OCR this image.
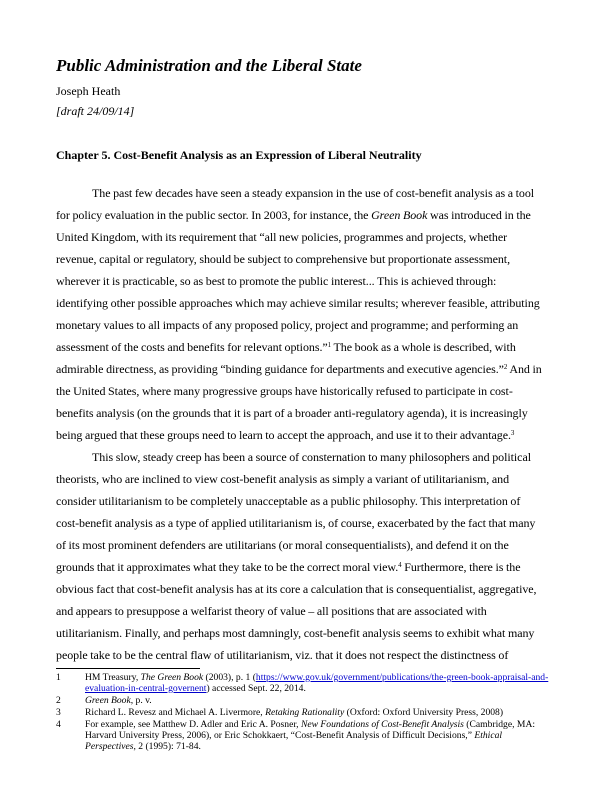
Public Administration and the Liberal State
Joseph Heath
[draft 24/09/14]
Chapter 5. Cost-Benefit Analysis as an Expression of Liberal Neutrality
The past few decades have seen a steady expansion in the use of cost-benefit analysis as a tool
for policy evaluation in the public sector. In 2003, for instance, the Green Book was introduced in the
United Kingdom, with its requirement that “all new policies, programmes and projects, whether
revenue, capital or regulatory, should be subject to comprehensive but proportionate assessment,
wherever it is practicable, so as best to promote the public interest... This is achieved through:
identifying other possible approaches which may achieve similar results; wherever feasible, attributing
monetary values to all impacts of any proposed policy, project and programme; and performing an
assessment of the costs and benefits for relevant options.”$^1$ The book as a whole is described, with
admirable directness, as providing “binding guidance for departments and executive agencies.”$^2$ And in
the United States, where many progressive groups have historically refused to participate in cost-
benefits analysis (on the grounds that it is part of a broader anti-regulatory agenda), it is increasingly
being argued that these groups need to learn to accept the approach, and use it to their advantage.$^3$
This slow, steady creep has been a source of consternation to many philosophers and political
theorists, who are inclined to view cost-benefit analysis as simply a variant of utilitarianism, and
consider utilitarianism to be completely unacceptable as a public philosophy. This interpretation of
cost-benefit analysis as a type of applied utilitarianism is, of course, exacerbated by the fact that many
of its most prominent defenders are utilitarians (or moral consequentialists), and defend it on the
grounds that it approximates what they take to be the correct moral view.$^4$ Furthermore, there is the
obvious fact that cost-benefit analysis has at its core a calculation that is consequentialist, aggregative,
and appears to presuppose a welfarist theory of value – all positions that are associated with
utilitarianism. Finally, and perhaps most damningly, cost-benefit analysis seems to exhibit what many
people take to be the central flaw of utilitarianism, viz. that it does not respect the distinctness of
1	HM Treasury, The Green Book (2003), p. 1 (https://www.gov.uk/government/publications/the-green-book-appraisal-and-
evaluation-in-central-governent) accessed Sept. 22, 2014.
2	Green Book, p. v.
3	Richard L. Revesz and Michael A. Livermore, Retaking Rationality (Oxford: Oxford University Press, 2008)
4	For example, see Matthew D. Adler and Eric A. Posner, New Foundations of Cost-Benefit Analysis (Cambridge, MA:
Harvard University Press, 2006), or Eric Schokkaert, “Cost-Benefit Analysis of Difficult Decisions,” Ethical
Perspectives, 2 (1995): 71-84.
